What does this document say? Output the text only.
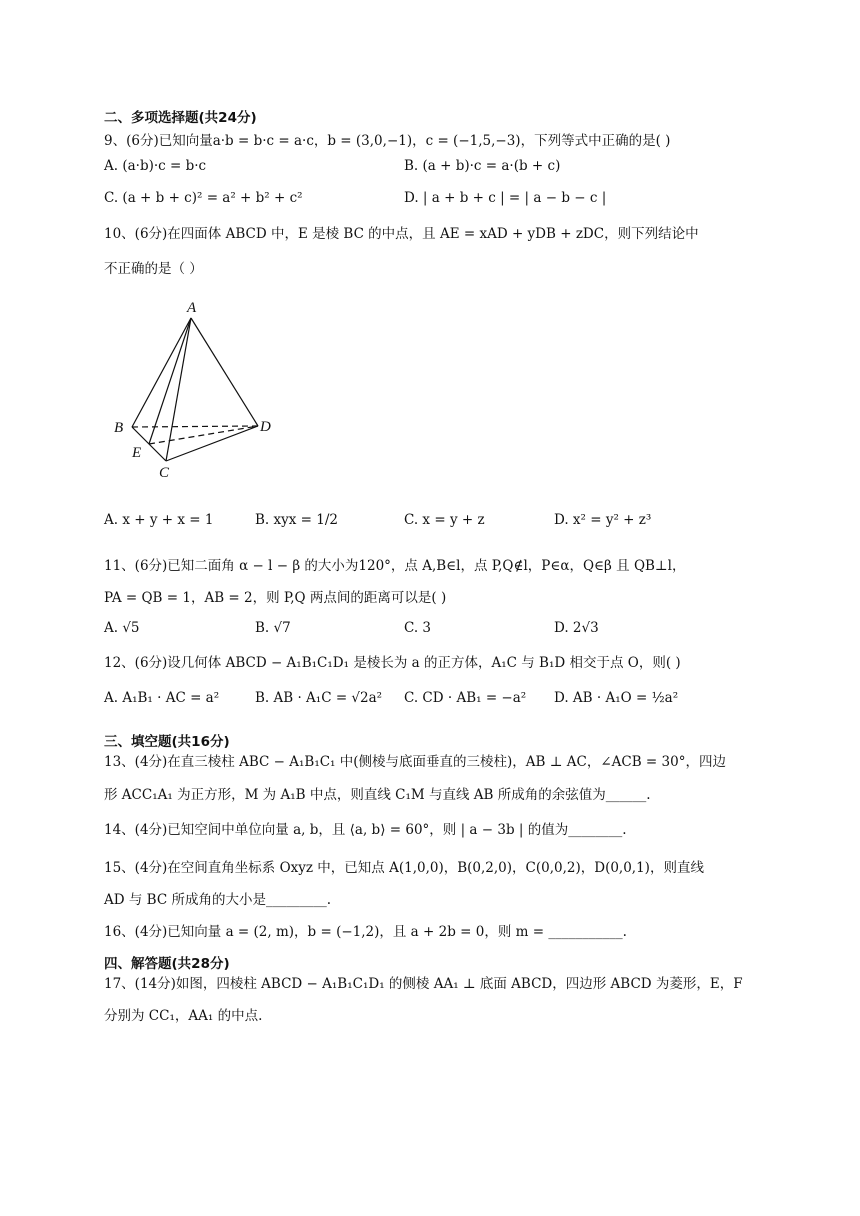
二、多项选择题(共24分)
9、(6分)已知向量a·b = b·c = a·c，b = (3,0,−1)，c = (−1,5,−3)，下列等式中正确的是( )
A. (a·b)·c = b·c	B. (a + b)·c = a·(b + c)
C. (a + b + c)² = a² + b² + c²	D. | a + b + c | = | a − b − c |
10、(6分)在四面体 ABCD 中，E 是棱 BC 的中点，且 AE = xAD + yDB + zDC，则下列结论中
不正确的是（ ）
A
B	D
E
C
A. x + y + x = 1	B. xyx = 1/2	C. x = y + z	D. x² = y² + z³
11、(6分)已知二面角 α − l − β 的大小为120°，点 A,B∈l，点 P,Q∉l，P∈α，Q∈β 且 QB⊥l，
PA = QB = 1，AB = 2，则 P,Q 两点间的距离可以是( )
A. √5	B. √7	C. 3	D. 2√3
12、(6分)设几何体 ABCD − A₁B₁C₁D₁ 是棱长为 a 的正方体，A₁C 与 B₁D 相交于点 O，则( )
A. A₁B₁ · AC = a²	B. AB · A₁C = √2a² C. CD · AB₁ = −a² D. AB · A₁O = ½a²
三、填空题(共16分)
13、(4分)在直三棱柱 ABC − A₁B₁C₁ 中(侧棱与底面垂直的三棱柱)，AB ⊥ AC，∠ACB = 30°，四边
形 ACC₁A₁ 为正方形，M 为 A₁B 中点，则直线 C₁M 与直线 AB 所成角的余弦值为______.
14、(4分)已知空间中单位向量 a, b，且 ⟨a, b⟩ = 60°，则 | a − 3b | 的值为________.
15、(4分)在空间直角坐标系 Oxyz 中，已知点 A(1,0,0)，B(0,2,0)，C(0,0,2)，D(0,0,1)，则直线
AD 与 BC 所成角的大小是_________.
16、(4分)已知向量 a = (2, m)，b = (−1,2)，且 a + 2b = 0，则 m = ___________.
四、解答题(共28分)
17、(14分)如图，四棱柱 ABCD − A₁B₁C₁D₁ 的侧棱 AA₁ ⊥ 底面 ABCD，四边形 ABCD 为菱形，E，F
分别为 CC₁，AA₁ 的中点.
